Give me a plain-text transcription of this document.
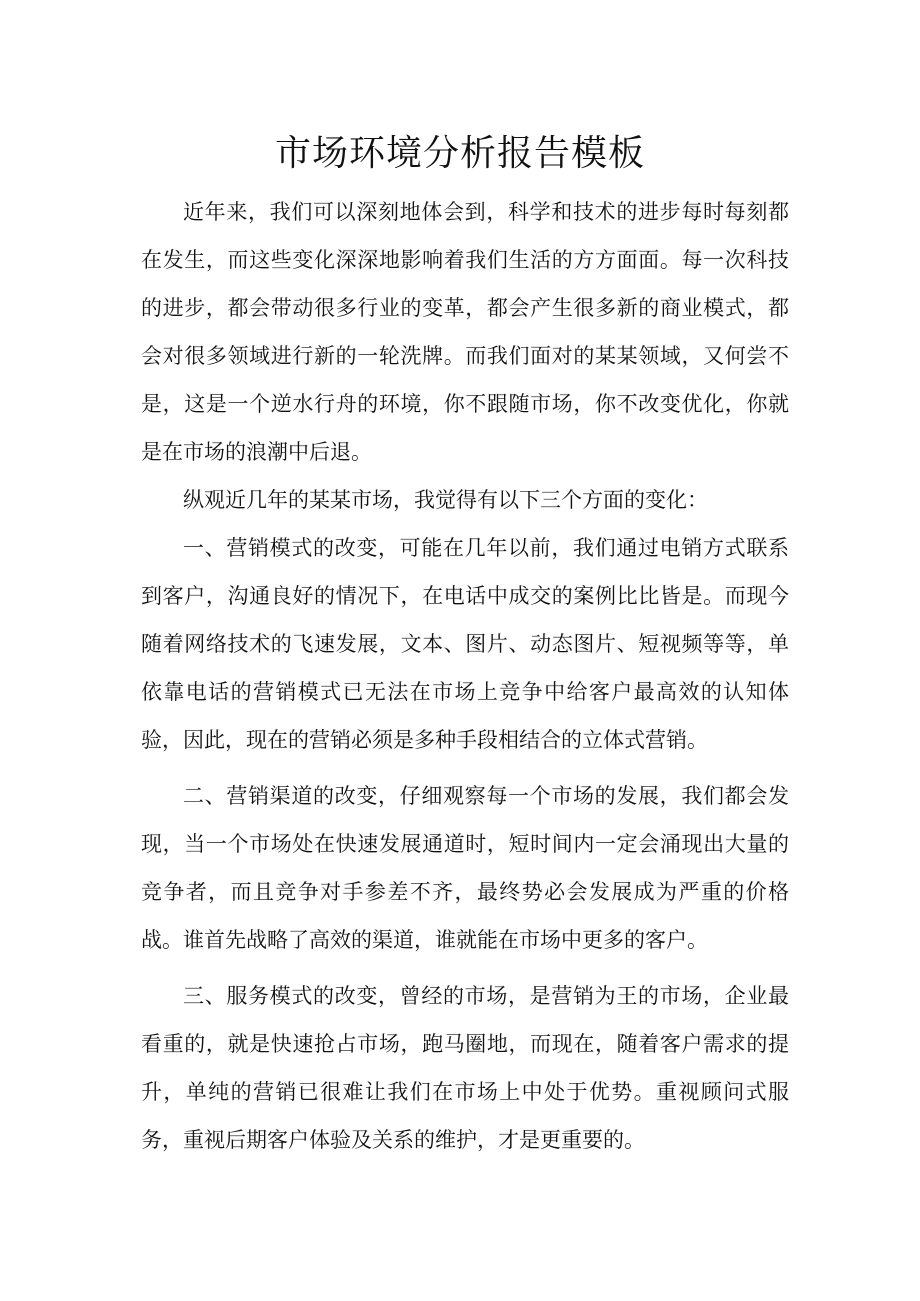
市场环境分析报告模板

近年来，我们可以深刻地体会到，科学和技术的进步每时每刻都在发生，而这些变化深深地影响着我们生活的方方面面。每一次科技的进步，都会带动很多行业的变革，都会产生很多新的商业模式，都会对很多领域进行新的一轮洗牌。而我们面对的某某领域，又何尝不是，这是一个逆水行舟的环境，你不跟随市场，你不改变优化，你就是在市场的浪潮中后退。

纵观近几年的某某市场，我觉得有以下三个方面的变化：

一、营销模式的改变，可能在几年以前，我们通过电销方式联系到客户，沟通良好的情况下，在电话中成交的案例比比皆是。而现今随着网络技术的飞速发展，文本、图片、动态图片、短视频等等，单依靠电话的营销模式已无法在市场上竞争中给客户最高效的认知体验，因此，现在的营销必须是多种手段相结合的立体式营销。

二、营销渠道的改变，仔细观察每一个市场的发展，我们都会发现，当一个市场处在快速发展通道时，短时间内一定会涌现出大量的竞争者，而且竞争对手参差不齐，最终势必会发展成为严重的价格战。谁首先战略了高效的渠道，谁就能在市场中更多的客户。

三、服务模式的改变，曾经的市场，是营销为王的市场，企业最看重的，就是快速抢占市场，跑马圈地，而现在，随着客户需求的提升，单纯的营销已很难让我们在市场上中处于优势。重视顾问式服务，重视后期客户体验及关系的维护，才是更重要的。
